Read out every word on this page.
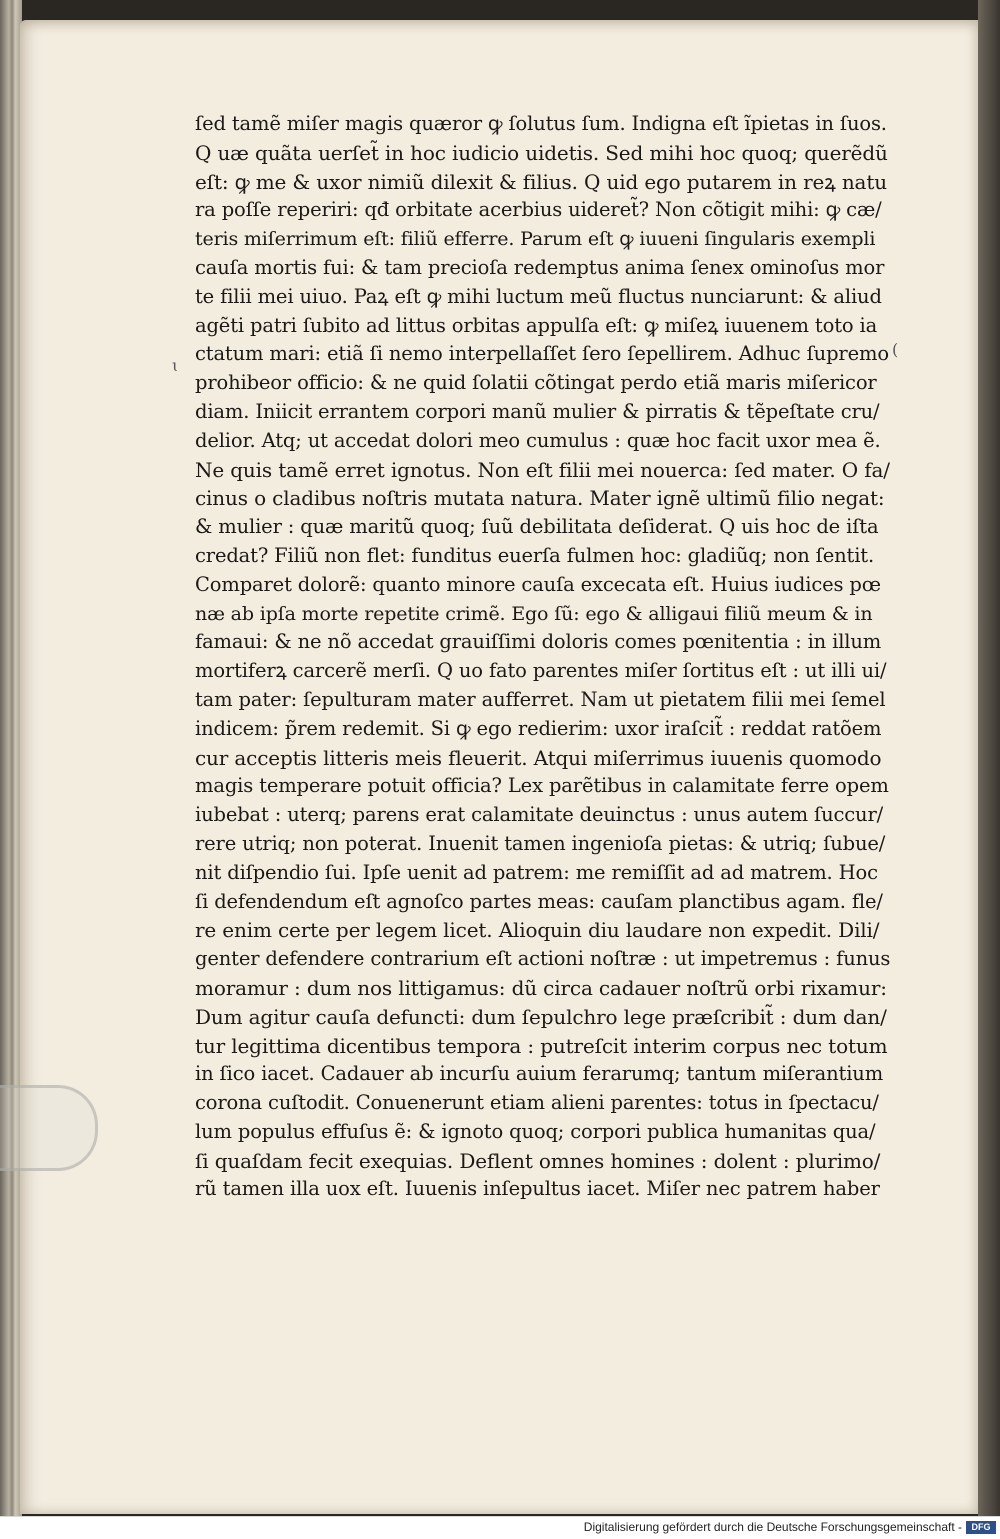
ɩ
(
ſed tamẽ miſer magis quæror ꝙ ſolutus ſum. Indigna eſt ĩpietas in ſuos.
Q uæ quãta uerſet̃ in hoc iudicio uidetis. Sed mihi hoc quoq; querẽdũ
eſt: ꝙ me & uxor nimiũ dilexit & filius. Q uid ego putarem in reꝝ natu
ra poſſe reperiri: qđ orbitate acerbius uideret̃? Non cõtigit mihi: ꝙ cæ/
teris miſerrimum eſt: filiũ efferre. Parum eſt ꝙ iuueni ſingularis exempli
cauſa mortis fui: & tam precioſa redemptus anima ſenex ominoſus mor
te filii mei uiuo. Paꝝ eſt ꝙ mihi luctum meũ fluctus nunciarunt: & aliud
agẽti patri ſubito ad littus orbitas appulſa eſt: ꝙ miſeꝝ iuuenem toto ia
ctatum mari: etiã ſi nemo interpellaſſet ſero ſepellirem. Adhuc ſupremo
prohibeor officio: & ne quid ſolatii cõtingat perdo etiã maris miſericor
diam. Iniicit errantem corpori manũ mulier & pirratis & tẽpeſtate cru/
delior. Atq; ut accedat dolori meo cumulus : quæ hoc facit uxor mea ẽ.
Ne quis tamẽ erret ignotus. Non eſt filii mei nouerca: ſed mater. O fa/
cinus o cladibus noſtris mutata natura. Mater ignẽ ultimũ filio negat:
& mulier : quæ maritũ quoq; ſuũ debilitata deſiderat. Q uis hoc de iſta
credat? Filiũ non flet: funditus euerſa fulmen hoc: gladiũq; non ſentit.
Comparet dolorẽ: quanto minore cauſa excecata eſt. Huius iudices pœ
næ ab ipſa morte repetite crimẽ. Ego ſũ: ego & alligaui filiũ meum & in
famaui: & ne nõ accedat grauiſſimi doloris comes pœnitentia : in illum
mortiferꝝ carcerẽ merſi. Q uo fato parentes miſer ſortitus eſt : ut illi ui/
tam pater: ſepulturam mater aufferret. Nam ut pietatem filii mei ſemel
indicem: p̃rem redemit. Si ꝙ ego redierim: uxor iraſcit̃ : reddat ratõem
cur acceptis litteris meis fleuerit. Atqui miſerrimus iuuenis quomodo
magis temperare potuit officia? Lex parẽtibus in calamitate ferre opem
iubebat : uterq; parens erat calamitate deuinctus : unus autem ſuccur/
rere utriq; non poterat. Inuenit tamen ingenioſa pietas: & utriq; ſubue/
nit diſpendio ſui. Ipſe uenit ad patrem: me remiſſit ad ad matrem. Hoc
ſi defendendum eſt agnoſco partes meas: cauſam planctibus agam. fle/
re enim certe per legem licet. Alioquin diu laudare non expedit. Dili/
genter defendere contrarium eſt actioni noſtræ : ut impetremus : funus
moramur : dum nos littigamus: dũ circa cadauer noſtrũ orbi rixamur:
Dum agitur cauſa defuncti: dum ſepulchro lege præſcribit̃ : dum dan/
tur legittima dicentibus tempora : putreſcit interim corpus nec totum
in ſico iacet. Cadauer ab incurſu auium ferarumq; tantum miſerantium
corona cuſtodit. Conuenerunt etiam alieni parentes: totus in ſpectacu/
lum populus effuſus ẽ: & ignoto quoq; corpori publica humanitas qua/
ſi quaſdam fecit exequias. Deflent omnes homines : dolent : plurimo/
rũ tamen illa uox eſt. Iuuenis inſepultus iacet. Miſer nec patrem haber
Digitalisierung gefördert durch die Deutsche Forschungsgemeinschaft -	DFG
